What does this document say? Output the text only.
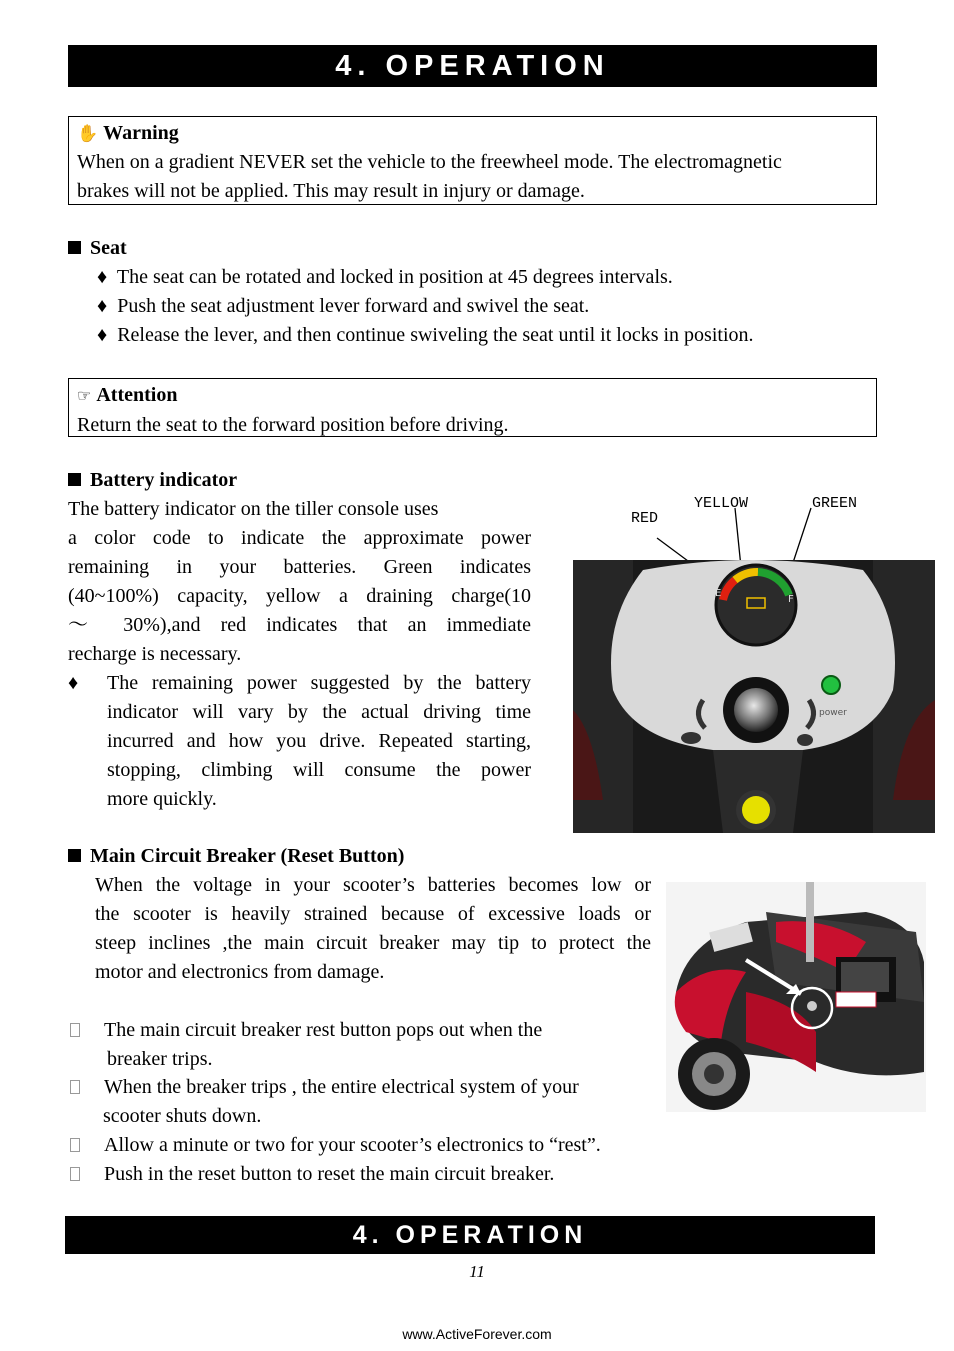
4. OPERATION
✋ Warning
When on a gradient NEVER set the vehicle to the freewheel mode. The electromagnetic
brakes will not be applied. This may result in injury or damage.
Seat
♦ The seat can be rotated and locked in position at 45 degrees intervals.
♦ Push the seat adjustment lever forward and swivel the seat.
♦ Release the lever, and then continue swiveling the seat until it locks in position.
☞ Attention
Return the seat to the forward position before driving.
Battery indicator
The battery indicator on the tiller console uses
a color code to indicate the approximate power
remaining in your batteries. Green indicates
(40~100%) capacity, yellow a draining charge(10
～ 30%),and red indicates that an immediate
recharge is necessary.
♦ The remaining power suggested by the battery
indicator will vary by the actual driving time
incurred and how you drive. Repeated starting,
stopping, climbing will consume the power
more quickly.
YELLOW	GREEN
RED
E
F
power
Main Circuit Breaker (Reset Button)
When the voltage in your scooter’s batteries becomes low or
the scooter is heavily strained because of excessive loads or
steep inclines ,the main circuit breaker may tip to protect the
motor and electronics from damage.
The main circuit breaker rest button pops out when the
breaker trips.
When the breaker trips , the entire electrical system of your
scooter shuts down.
Allow a minute or two for your scooter’s electronics to “rest”.
Push in the reset button to reset the main circuit breaker.
4. OPERATION
11
www.ActiveForever.com
